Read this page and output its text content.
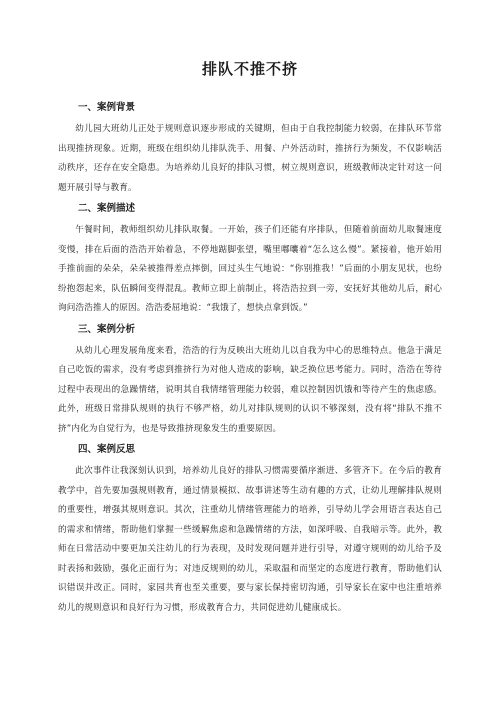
排队不推不挤
一、案例背景

幼儿园大班幼儿正处于规则意识逐步形成的关键期，但由于自我控制能力较弱，在排队环节常出现推挤现象。近期，班级在组织幼儿排队洗手、用餐、户外活动时，推挤行为频发，不仅影响活动秩序，还存在安全隐患。为培养幼儿良好的排队习惯，树立规则意识，班级教师决定针对这一问题开展引导与教育。

二、案例描述

午餐时间，教师组织幼儿排队取餐。一开始，孩子们还能有序排队，但随着前面幼儿取餐速度变慢，排在后面的浩浩开始着急，不停地踮脚张望，嘴里嘟囔着“怎么这么慢”。紧接着，他开始用手推前面的朵朵，朵朵被推得差点摔倒，回过头生气地说：“你别推我！”后面的小朋友见状，也纷纷抱怨起来，队伍瞬间变得混乱。教师立即上前制止，将浩浩拉到一旁，安抚好其他幼儿后，耐心询问浩浩推人的原因。浩浩委屈地说：“我饿了，想快点拿到饭。”

三、案例分析

从幼儿心理发展角度来看，浩浩的行为反映出大班幼儿以自我为中心的思维特点。他急于满足自己吃饭的需求，没有考虑到推挤行为对他人造成的影响，缺乏换位思考能力。同时，浩浩在等待过程中表现出的急躁情绪，说明其自我情绪管理能力较弱，难以控制因饥饿和等待产生的焦虑感。此外，班级日常排队规则的执行不够严格，幼儿对排队规则的认识不够深刻，没有将“排队不推不挤”内化为自觉行为，也是导致推挤现象发生的重要原因。

四、案例反思

此次事件让我深刻认识到，培养幼儿良好的排队习惯需要循序渐进、多管齐下。在今后的教育教学中，首先要加强规则教育，通过情景模拟、故事讲述等生动有趣的方式，让幼儿理解排队规则的重要性，增强其规则意识。其次，注重幼儿情绪管理能力的培养，引导幼儿学会用语言表达自己的需求和情绪，帮助他们掌握一些缓解焦虑和急躁情绪的方法，如深呼吸、自我暗示等。此外，教师在日常活动中要更加关注幼儿的行为表现，及时发现问题并进行引导，对遵守规则的幼儿给予及时表扬和鼓励，强化正面行为；对违反规则的幼儿，采取温和而坚定的态度进行教育，帮助他们认识错误并改正。同时，家园共育也至关重要，要与家长保持密切沟通，引导家长在家中也注重培养幼儿的规则意识和良好行为习惯，形成教育合力，共同促进幼儿健康成长。
